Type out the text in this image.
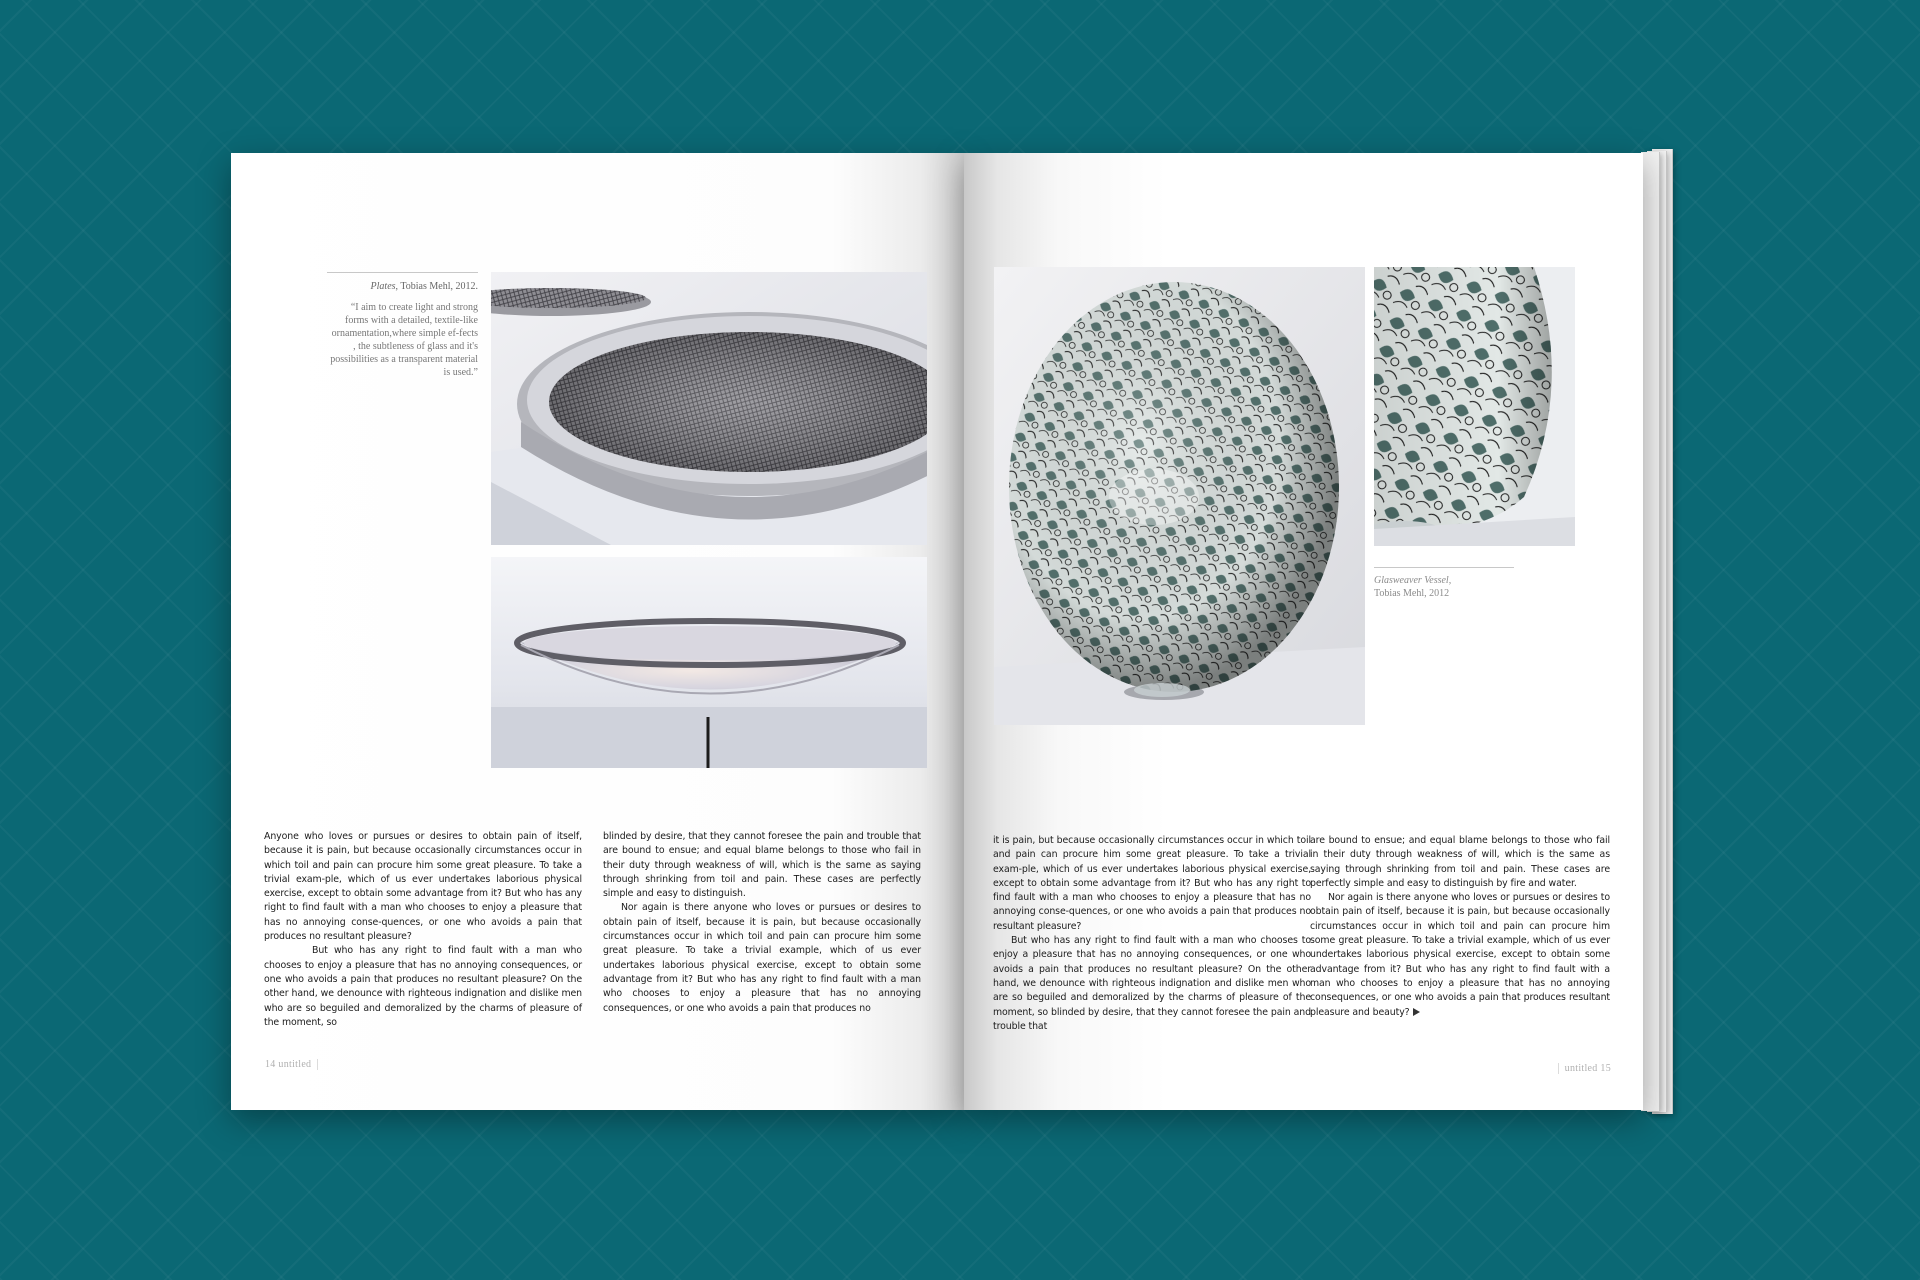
Plates, Tobias Mehl, 2012.
“I aim to create light and strong forms with a detailed, textile-like ornamentation,where simple ef-fects , the subtleness of glass and it's possibilities as a transparent material is used.”

Anyone who loves or pursues or desires to obtain pain of itself, because it is pain, but because occasionally circumstances occur in which toil and pain can procure him some great pleasure. To take a trivial exam-ple, which of us ever undertakes laborious physical exercise, except to obtain some advantage from it? But who has any right to find fault with a man who chooses to enjoy a pleasure that has no annoying conse-quences, or one who avoids a pain that produces no resultant pleasure?

But who has any right to find fault with a man who chooses to enjoy a pleasure that has no annoying consequences, or one who avoids a pain that produces no resultant pleasure? On the other hand, we denounce with righteous indignation and dislike men who are so beguiled and demoralized by the charms of pleasure of the moment, so

blinded by desire, that they cannot foresee the pain and trouble that are bound to ensue; and equal blame belongs to those who fail in their duty through weakness of will, which is the same as saying through shrinking from toil and pain. These cases are perfectly simple and easy to distinguish.

Nor again is there anyone who loves or pursues or desires to obtain pain of itself, because it is pain, but because occasionally circumstances occur in which toil and pain can procure him some great pleasure. To take a trivial example, which of us ever undertakes laborious physical exercise, except to obtain some advantage from it? But who has any right to find fault with a man who chooses to enjoy a pleasure that has no annoying consequences, or one who avoids a pain that produces no

14 untitled
Glasweaver Vessel,
Tobias Mehl, 2012

it is pain, but because occasionally circumstances occur in which toil and pain can procure him some great pleasure. To take a trivial exam-ple, which of us ever undertakes laborious physical exercise, except to obtain some advantage from it? But who has any right to find fault with a man who chooses to enjoy a pleasure that has no annoying conse-quences, or one who avoids a pain that produces no resultant pleasure?

But who has any right to find fault with a man who chooses to enjoy a pleasure that has no annoying consequences, or one who avoids a pain that produces no resultant pleasure? On the other hand, we denounce with righteous indignation and dislike men who are so beguiled and demoralized by the charms of pleasure of the moment, so blinded by desire, that they cannot foresee the pain and trouble that

are bound to ensue; and equal blame belongs to those who fail in their duty through weakness of will, which is the same as saying through shrinking from toil and pain. These cases are perfectly simple and easy to distinguish by fire and water.

Nor again is there anyone who loves or pursues or desires to obtain pain of itself, because it is pain, but because occasionally circumstances occur in which toil and pain can procure him some great pleasure. To take a trivial example, which of us ever undertakes laborious physical exercise, except to obtain some advantage from it? But who has any right to find fault with a man who chooses to enjoy a pleasure that has no annoying consequences, or one who avoids a pain that produces resultant pleasure and beauty?

untitled 15
